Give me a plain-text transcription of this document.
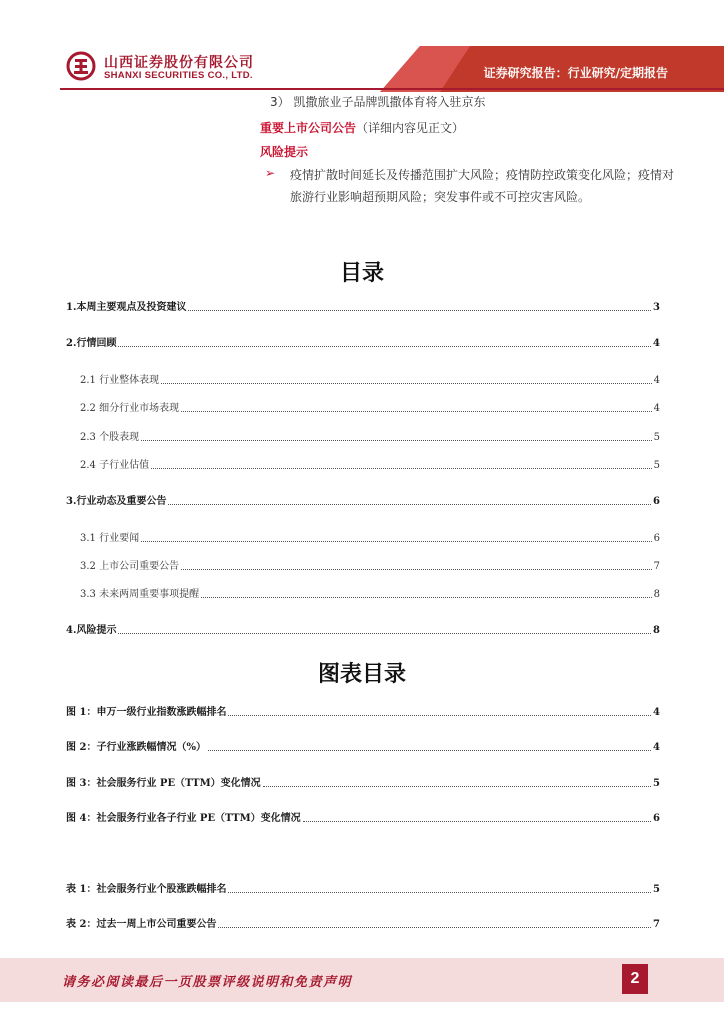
山西证券股份有限公司
SHANXI SECURITIES CO., LTD.	证券研究报告：行业研究/定期报告
3） 凯撒旅业子品牌凯撒体育将入驻京东
重要上市公司公告（详细内容见正文）
风险提示
➢ 疫情扩散时间延长及传播范围扩大风险；疫情防控政策变化风险；疫情对旅游行业影响超预期风险；突发事件或不可控灾害风险。
目录
1.本周主要观点及投资建议	3
2.行情回顾	4
2.1 行业整体表现	4
2.2 细分行业市场表现	4
2.3 个股表现	5
2.4 子行业估值	5
3.行业动态及重要公告	6
3.1 行业要闻	6
3.2 上市公司重要公告	7
3.3 未来两周重要事项提醒	8
4.风险提示	8
图表目录
图 1：申万一级行业指数涨跌幅排名	4
图 2：子行业涨跌幅情况（%）	4
图 3：社会服务行业 PE（TTM）变化情况	5
图 4：社会服务行业各子行业 PE（TTM）变化情况	6
表 1：社会服务行业个股涨跌幅排名	5
表 2：过去一周上市公司重要公告	7
请务必阅读最后一页股票评级说明和免责声明	2
